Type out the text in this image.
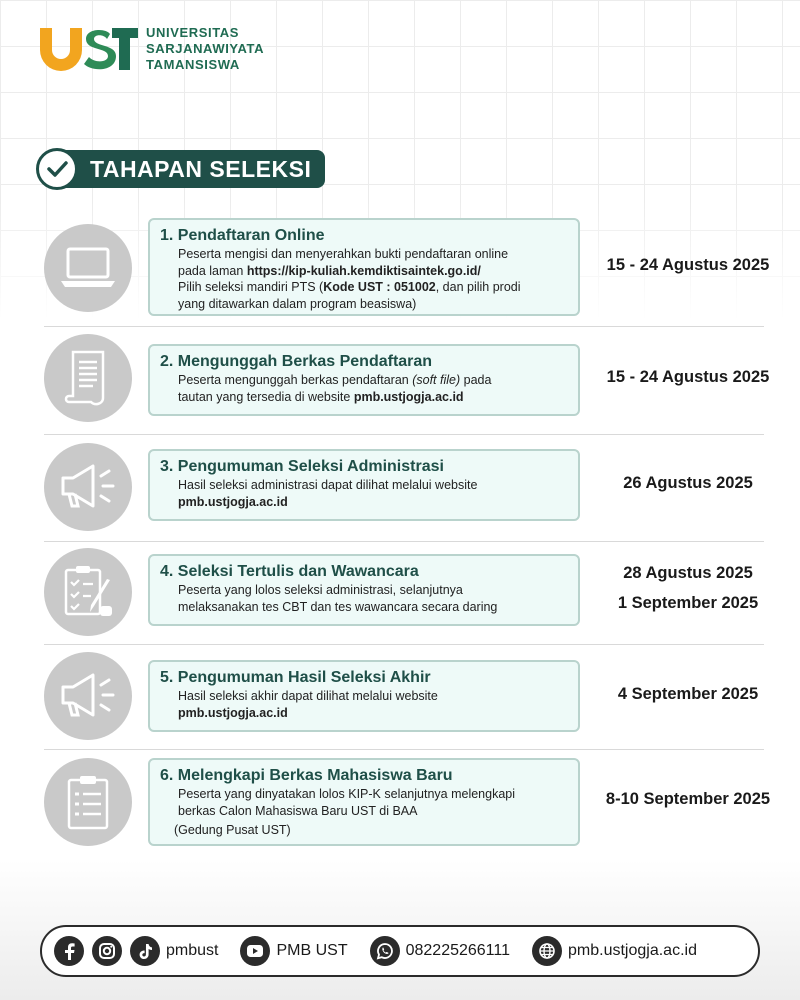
UNIVERSITAS
SARJANAWIYATA
TAMANSISWA
TAHAPAN SELEKSI
1. Pendaftaran Online
Peserta mengisi dan menyerahkan bukti pendaftaran online
pada laman https://kip-kuliah.kemdiktisaintek.go.id/
Pilih seleksi mandiri PTS (Kode UST : 051002, dan pilih prodi
yang ditawarkan dalam program beasiswa)
15 - 24 Agustus 2025
2. Mengunggah Berkas Pendaftaran
Peserta mengunggah berkas pendaftaran (soft file) pada
tautan yang tersedia di website pmb.ustjogja.ac.id
15 - 24 Agustus 2025
3. Pengumuman Seleksi Administrasi
Hasil seleksi administrasi dapat dilihat melalui website
pmb.ustjogja.ac.id
26 Agustus 2025
4. Seleksi Tertulis dan Wawancara
Peserta yang lolos seleksi administrasi, selanjutnya
melaksanakan tes CBT dan tes wawancara secara daring
28 Agustus 2025
1 September 2025
5. Pengumuman Hasil Seleksi Akhir
Hasil seleksi akhir dapat dilihat melalui website
pmb.ustjogja.ac.id
4 September 2025
6. Melengkapi Berkas Mahasiswa Baru
Peserta yang dinyatakan lolos KIP-K selanjutnya melengkapi
berkas Calon Mahasiswa Baru UST di BAA
(Gedung Pusat UST)
8-10 September 2025
pmbust	PMB UST	082225266111	pmb.ustjogja.ac.id
